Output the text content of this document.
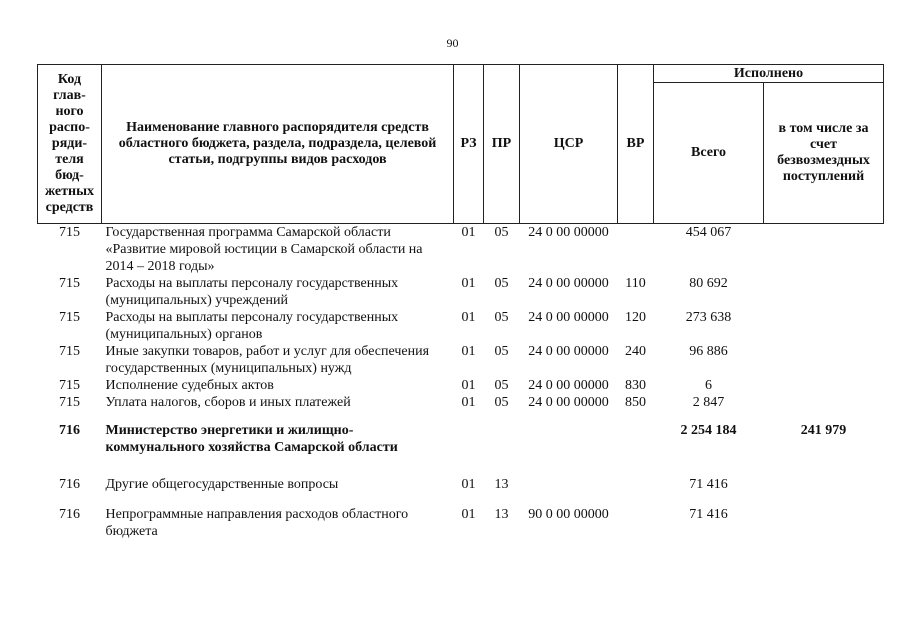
90
Код глав-ного распо-ряди-теля бюд-жетных средств	Наименование главного распорядителя средств областного бюджета, раздела, подраздела, целевой статьи, подгруппы видов расходов	РЗ	ПР	ЦСР	ВР	Исполнено	
						Всего	в том числе за счет безвозмездных поступлений
715	Государственная программа Самарской области «Развитие мировой юстиции в Самарской области на 2014 – 2018 годы»	01	05	24 0 00 00000		454 067	
715	Расходы на выплаты персоналу государственных (муниципальных) учреждений	01	05	24 0 00 00000	110	80 692	
715	Расходы на выплаты персоналу государственных (муниципальных) органов	01	05	24 0 00 00000	120	273 638	
715	Иные закупки товаров, работ и услуг для обеспечения государственных (муниципальных) нужд	01	05	24 0 00 00000	240	96 886	
715	Исполнение судебных актов	01	05	24 0 00 00000	830	6	
715	Уплата налогов, сборов и иных платежей	01	05	24 0 00 00000	850	2 847	
716	Министерство энергетики и жилищно-коммунального хозяйства Самарской области					2 254 184	241 979
716	Другие общегосударственные вопросы	01	13			71 416	
716	Непрограммные направления расходов областного бюджета	01	13	90 0 00 00000		71 416	
